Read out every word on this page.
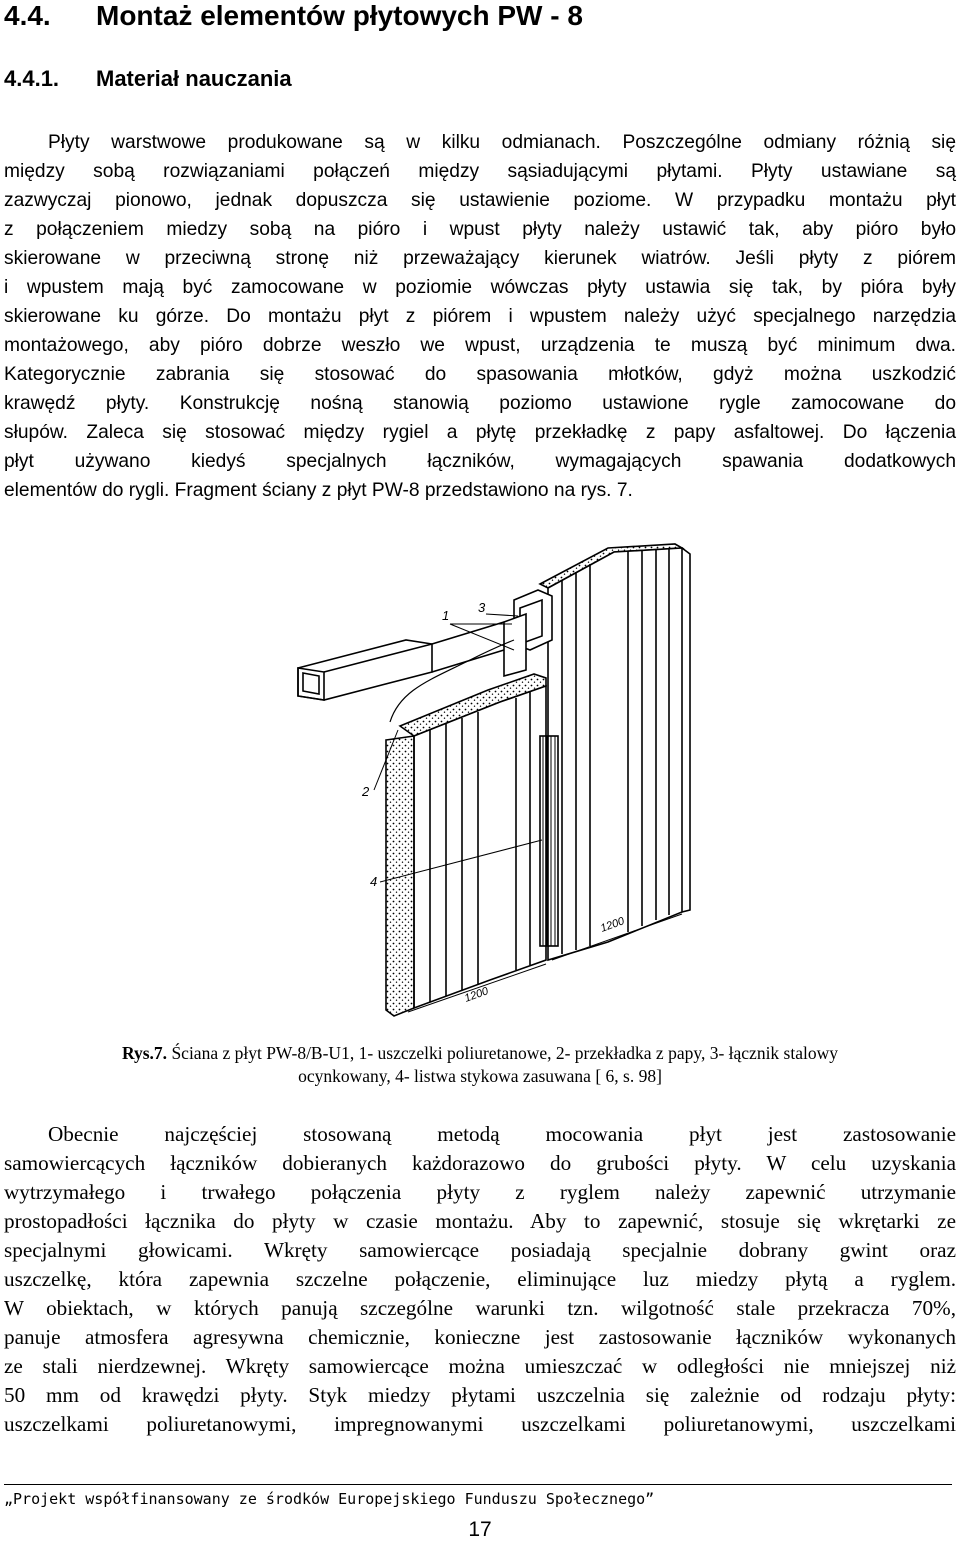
4.4. Montaż elementów płytowych PW - 8
4.4.1. Materiał nauczania

Płyty warstwowe produkowane są w kilku odmianach. Poszczególne odmiany różnią się
między sobą rozwiązaniami połączeń między sąsiadującymi płytami. Płyty ustawiane są
zazwyczaj pionowo, jednak dopuszcza się ustawienie poziome. W przypadku montażu płyt
z połączeniem miedzy sobą na pióro i wpust płyty należy ustawić tak, aby pióro było
skierowane w przeciwną stronę niż przeważający kierunek wiatrów. Jeśli płyty z piórem
i wpustem mają być zamocowane w poziomie wówczas płyty ustawia się tak, by pióra były
skierowane ku górze. Do montażu płyt z piórem i wpustem należy użyć specjalnego narzędzia
montażowego, aby pióro dobrze weszło we wpust, urządzenia te muszą być minimum dwa.
Kategorycznie zabrania się stosować do spasowania młotków, gdyż można uszkodzić
krawędź płyty. Konstrukcję nośną stanowią poziomo ustawione rygle zamocowane do
słupów. Zaleca się stosować między rygiel a płytę przekładkę z papy asfaltowej. Do łączenia
płyt używano kiedyś specjalnych łączników, wymagających spawania dodatkowych
elementów do rygli. Fragment ściany z płyt PW-8 przedstawiono na rys. 7.

1
3
2
4
1200
1200
Rys.7. Ściana z płyt PW-8/B-U1, 1- uszczelki poliuretanowe, 2- przekładka z papy, 3- łącznik stalowy
ocynkowany, 4- listwa stykowa zasuwana [ 6, s. 98]

Obecnie najczęściej stosowaną metodą mocowania płyt jest zastosowanie
samowiercących łączników dobieranych każdorazowo do grubości płyty. W celu uzyskania
wytrzymałego i trwałego połączenia płyty z ryglem należy zapewnić utrzymanie
prostopadłości łącznika do płyty w czasie montażu. Aby to zapewnić, stosuje się wkrętarki ze
specjalnymi głowicami. Wkręty samowiercące posiadają specjalnie dobrany gwint oraz
uszczelkę, która zapewnia szczelne połączenie, eliminujące luz miedzy płytą a ryglem.
W obiektach, w których panują szczególne warunki tzn. wilgotność stale przekracza 70%,
panuje atmosfera agresywna chemicznie, konieczne jest zastosowanie łączników wykonanych
ze stali nierdzewnej. Wkręty samowiercące można umieszczać w odległości nie mniejszej niż
50 mm od krawędzi płyty. Styk miedzy płytami uszczelnia się zależnie od rodzaju płyty:
uszczelkami poliuretanowymi, impregnowanymi uszczelkami poliuretanowymi, uszczelkami

„Projekt współfinansowany ze środków Europejskiego Funduszu Społecznego”
17
